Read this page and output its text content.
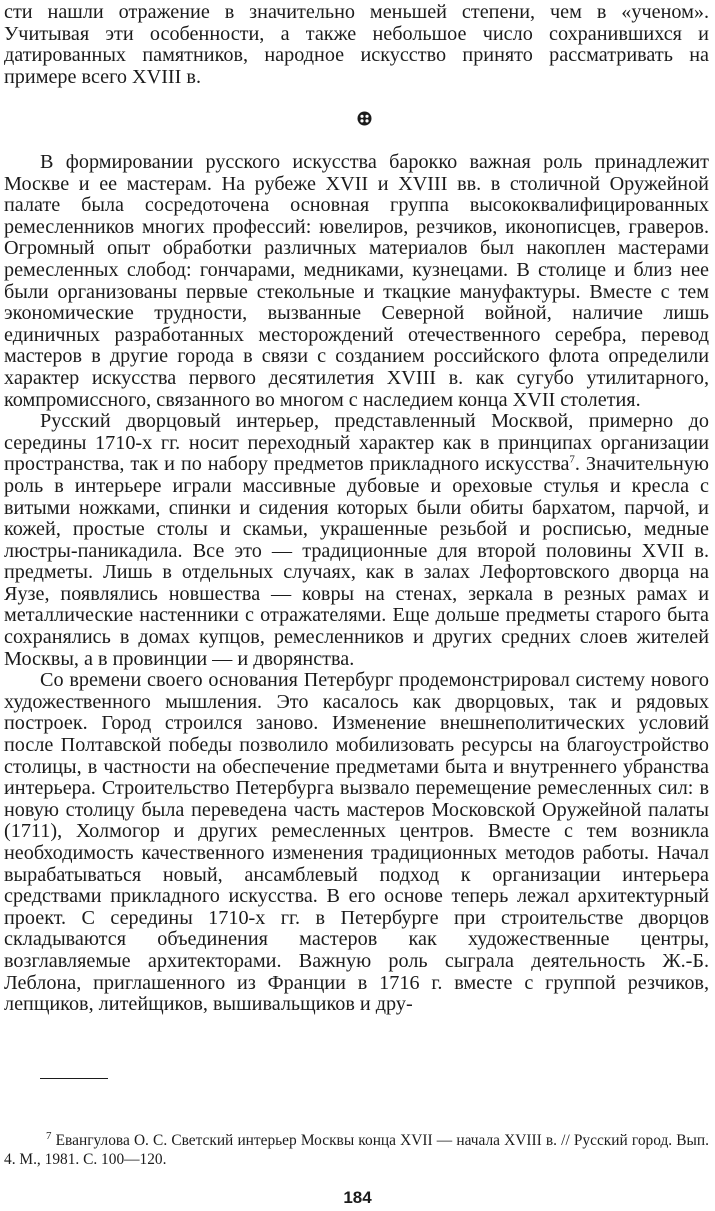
сти нашли отражение в значительно меньшей степени, чем в «ученом». Учитывая эти особенности, а также небольшое число сохранившихся и датированных памятников, народное искусство принято рассматривать на примере всего XVIII в.

В формировании русского искусства барокко важная роль принадлежит Москве и ее мастерам. На рубеже XVII и XVIII вв. в столичной Оружейной палате была сосредоточена основная группа высококвалифицированных ремесленников многих профессий: ювелиров, резчиков, иконописцев, граверов. Огромный опыт обработки различных материалов был накоплен мастерами ремесленных слобод: гончарами, медниками, кузнецами. В столице и близ нее были организованы первые стекольные и ткацкие мануфактуры. Вместе с тем экономические трудности, вызванные Северной войной, наличие лишь единичных разработанных месторождений отечественного серебра, перевод мастеров в другие города в связи с созданием российского флота определили характер искусства первого десятилетия XVIII в. как сугубо утилитарного, компромиссного, связанного во многом с наследием конца XVII столетия.

Русский дворцовый интерьер, представленный Москвой, примерно до середины 1710-х гг. носит переходный характер как в принципах организации пространства, так и по набору предметов прикладного искусства$^7$. Значительную роль в интерьере играли массивные дубовые и ореховые стулья и кресла с витыми ножками, спинки и сидения которых были обиты бархатом, парчой, и кожей, простые столы и скамьи, украшенные резьбой и росписью, медные люстры-паникадила. Все это — традиционные для второй половины XVII в. предметы. Лишь в отдельных случаях, как в залах Лефортовского дворца на Яузе, появлялись новшества — ковры на стенах, зеркала в резных рамах и металлические настенники с отражателями. Еще дольше предметы старого быта сохранялись в домах купцов, ремесленников и других средних слоев жителей Москвы, а в провинции — и дворянства.

Со времени своего основания Петербург продемонстрировал систему нового художественного мышления. Это касалось как дворцовых, так и рядовых построек. Город строился заново. Изменение внешнеполитических условий после Полтавской победы позволило мобилизовать ресурсы на благоустройство столицы, в частности на обеспечение предметами быта и внутреннего убранства интерьера. Строительство Петербурга вызвало перемещение ремесленных сил: в новую столицу была переведена часть мастеров Московской Оружейной палаты (1711), Холмогор и других ремесленных центров. Вместе с тем возникла необходимость качественного изменения традиционных методов работы. Начал вырабатываться новый, ансамблевый подход к организации интерьера средствами прикладного искусства. В его основе теперь лежал архитектурный проект. С середины 1710-х гг. в Петербурге при строительстве дворцов складываются объединения мастеров как художественные центры, возглавляемые архитекторами. Важную роль сыграла деятельность Ж.-Б. Леблона, приглашенного из Франции в 1716 г. вместе с группой резчиков, лепщиков, литейщиков, вышивальщиков и дру-

$^7$ Евангулова О. С. Светский интерьер Москвы конца XVII — начала XVIII в. // Русский город. Вып. 4. М., 1981. С. 100—120.

184
